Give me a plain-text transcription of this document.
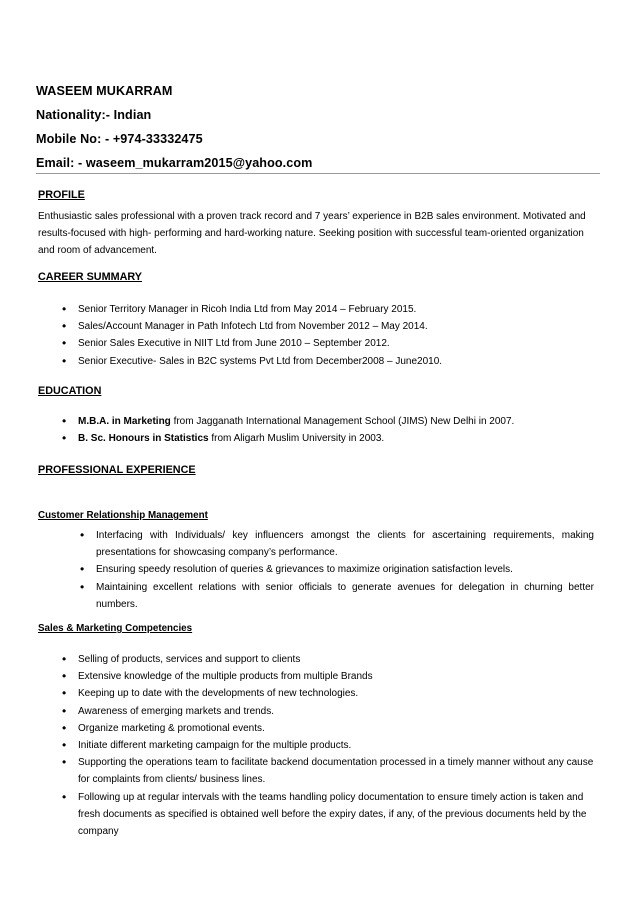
WASEEM MUKARRAM
Nationality:- Indian
Mobile No: - +974-33332475
Email: - waseem_mukarram2015@yahoo.com
PROFILE
Enthusiastic sales professional with a proven track record and 7 years’ experience in B2B sales environment. Motivated and results-focused with high- performing and hard-working nature. Seeking position with successful team-oriented organization and room of advancement.
CAREER SUMMARY
• Senior Territory Manager in Ricoh India Ltd from May 2014 – February 2015.
• Sales/Account Manager in Path Infotech Ltd from November 2012 – May 2014.
• Senior Sales Executive in NIIT Ltd from June 2010 – September 2012.
• Senior Executive- Sales in B2C systems Pvt Ltd from December2008 – June2010.
EDUCATION
• M.B.A. in Marketing from Jagganath International Management School (JIMS) New Delhi in 2007.
• B. Sc. Honours in Statistics from Aligarh Muslim University in 2003.
PROFESSIONAL EXPERIENCE
Customer Relationship Management
• Interfacing with Individuals/ key influencers amongst the clients for ascertaining requirements, making presentations for showcasing company’s performance.
• Ensuring speedy resolution of queries & grievances to maximize origination satisfaction levels.
• Maintaining excellent relations with senior officials to generate avenues for delegation in churning better numbers.
Sales & Marketing Competencies
• Selling of products, services and support to clients
• Extensive knowledge of the multiple products from multiple Brands
• Keeping up to date with the developments of new technologies.
• Awareness of emerging markets and trends.
• Organize marketing & promotional events.
• Initiate different marketing campaign for the multiple products.
• Supporting the operations team to facilitate backend documentation processed in a timely manner without any cause for complaints from clients/ business lines.
• Following up at regular intervals with the teams handling policy documentation to ensure timely action is taken and fresh documents as specified is obtained well before the expiry dates, if any, of the previous documents held by the company
